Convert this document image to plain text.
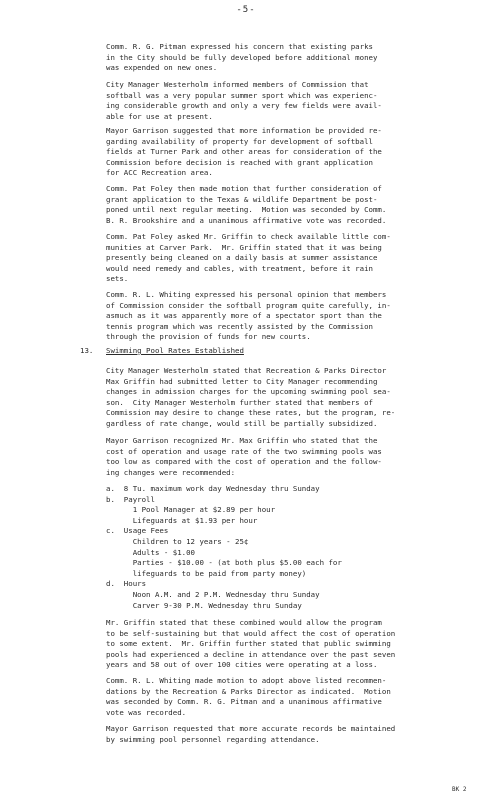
-5-
Comm. R. G. Pitman expressed his concern that existing parks
in the City should be fully developed before additional money
was expended on new ones.
City Manager Westerholm informed members of Commission that
softball was a very popular summer sport which was experienc-
ing considerable growth and only a very few fields were avail-
able for use at present.
Mayor Garrison suggested that more information be provided re-
garding availability of property for development of softball
fields at Turner Park and other areas for consideration of the
Commission before decision is reached with grant application
for ACC Recreation area.
Comm. Pat Foley then made motion that further consideration of
grant application to the Texas & wildlife Department be post-
poned until next regular meeting.  Motion was seconded by Comm.
B. R. Brookshire and a unanimous affirmative vote was recorded.
Comm. Pat Foley asked Mr. Griffin to check available little com-
munities at Carver Park.  Mr. Griffin stated that it was being
presently being cleaned on a daily basis at summer assistance
would need remedy and cables, with treatment, before it rain
sets.
Comm. R. L. Whiting expressed his personal opinion that members
of Commission consider the softball program quite carefully, in-
asmuch as it was apparently more of a spectator sport than the
tennis program which was recently assisted by the Commission
through the provision of funds for new courts.
13. Swimming Pool Rates Established
City Manager Westerholm stated that Recreation & Parks Director
Max Griffin had submitted letter to City Manager recommending
changes in admission charges for the upcoming swimming pool sea-
son.  City Manager Westerholm further stated that members of
Commission may desire to change these rates, but the program, re-
gardless of rate change, would still be partially subsidized.
Mayor Garrison recognized Mr. Max Griffin who stated that the
cost of operation and usage rate of the two swimming pools was
too low as compared with the cost of operation and the follow-
ing changes were recommended:
a.  8 Tu. maximum work day Wednesday thru Sunday
b.  Payroll
1 Pool Manager at $2.89 per hour
Lifeguards at $1.93 per hour
c.  Usage Fees
Children to 12 years - 25¢
Adults - $1.00
Parties - $10.00 - (at both plus $5.00 each for
lifeguards to be paid from party money)
d.  Hours
Noon A.M. and 2 P.M. Wednesday thru Sunday
Carver 9-30 P.M. Wednesday thru Sunday
Mr. Griffin stated that these combined would allow the program
to be self-sustaining but that would affect the cost of operation
to some extent.  Mr. Griffin further stated that public swimming
pools had experienced a decline in attendance over the past seven
years and 58 out of over 100 cities were operating at a loss.
Comm. R. L. Whiting made motion to adopt above listed recommen-
dations by the Recreation & Parks Director as indicated.  Motion
was seconded by Comm. R. G. Pitman and a unanimous affirmative
vote was recorded.
Mayor Garrison requested that more accurate records be maintained
by swimming pool personnel regarding attendance.
BK 2
